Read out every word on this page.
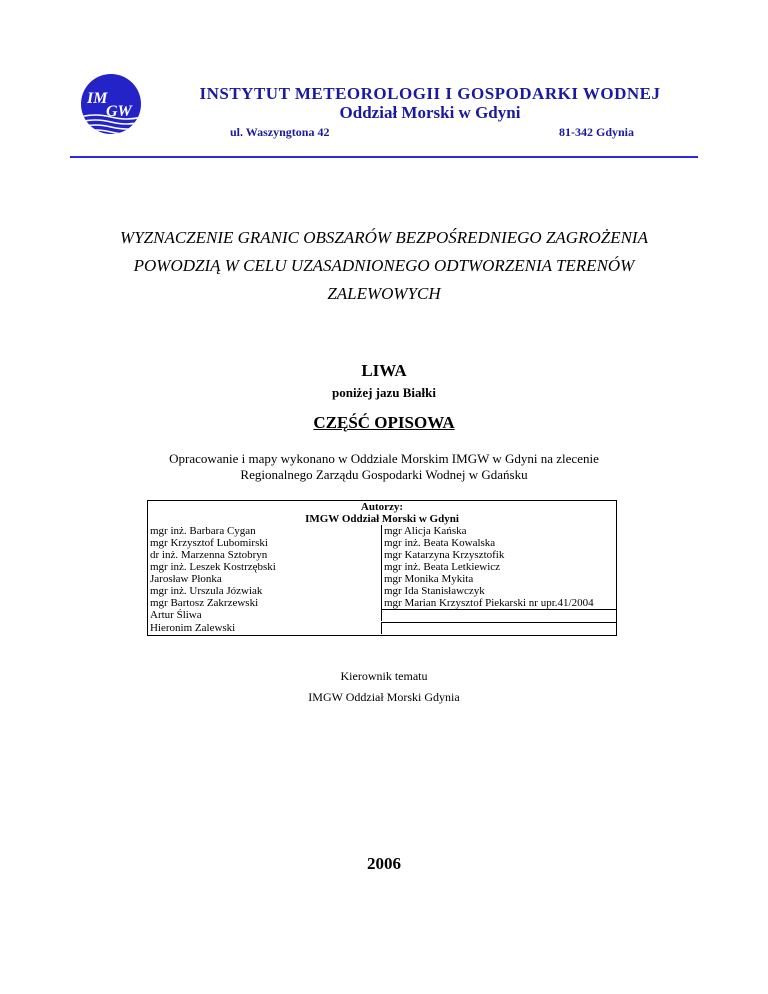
IM
GW
INSTYTUT METEOROLOGII I GOSPODARKI WODNEJ
Oddział Morski w Gdyni
ul. Waszyngtona 42	81-342 Gdynia
WYZNACZENIE GRANIC OBSZARÓW BEZPOŚREDNIEGO ZAGROŻENIA
POWODZIĄ W CELU UZASADNIONEGO ODTWORZENIA TERENÓW
ZALEWOWYCH
LIWA
poniżej jazu Białki
CZĘŚĆ OPISOWA
Opracowanie i mapy wykonano w Oddziale Morskim IMGW w Gdyni na zlecenie
Regionalnego Zarządu Gospodarki Wodnej w Gdańsku
Autorzy:
IMGW Oddział Morski w Gdyni
mgr inż. Barbara Cygan	mgr Alicja Kańska
mgr Krzysztof Lubomirski	mgr inż. Beata Kowalska
dr inż. Marzenna Sztobryn	mgr Katarzyna Krzysztofik
mgr inż. Leszek Kostrzębski	mgr inż. Beata Letkiewicz
Jarosław Płonka	mgr Monika Mykita
mgr inż. Urszula Józwiak	mgr Ida Stanisławczyk
mgr Bartosz Zakrzewski	mgr Marian Krzysztof Piekarski nr upr.41/2004
Artur Śliwa
Hieronim Zalewski
Kierownik tematu
IMGW Oddział Morski Gdynia
2006
